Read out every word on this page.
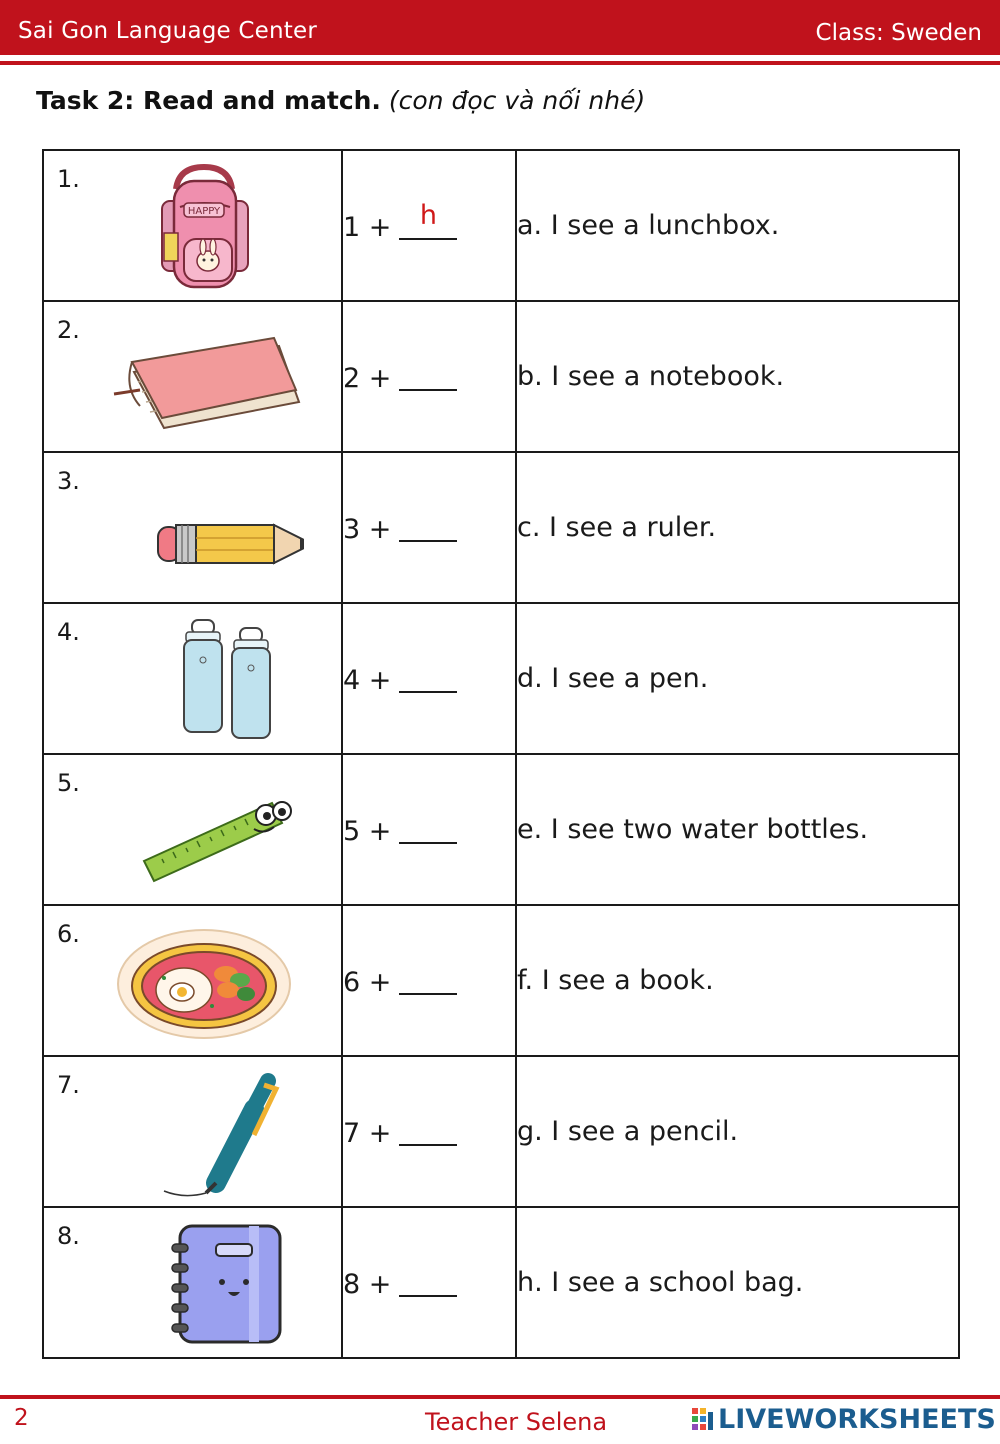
Sai Gon Language Center	Class: Sweden
Task 2: Read and match. (con đọc và nối nhé)
1.
HAPPY	1 + h	a. I see a lunchbox.

2.	2 +	b. I see a notebook.

3.	3 +	c. I see a ruler.

4.	4 +	d. I see a pen.

5.	5 +	e. I see two water bottles.

6.	6 +	f. I see a book.

7.	7 +	g. I see a pencil.

8.	8 +	h. I see a school bag.
2	Teacher Selena	LIVEWORKSHEETS
